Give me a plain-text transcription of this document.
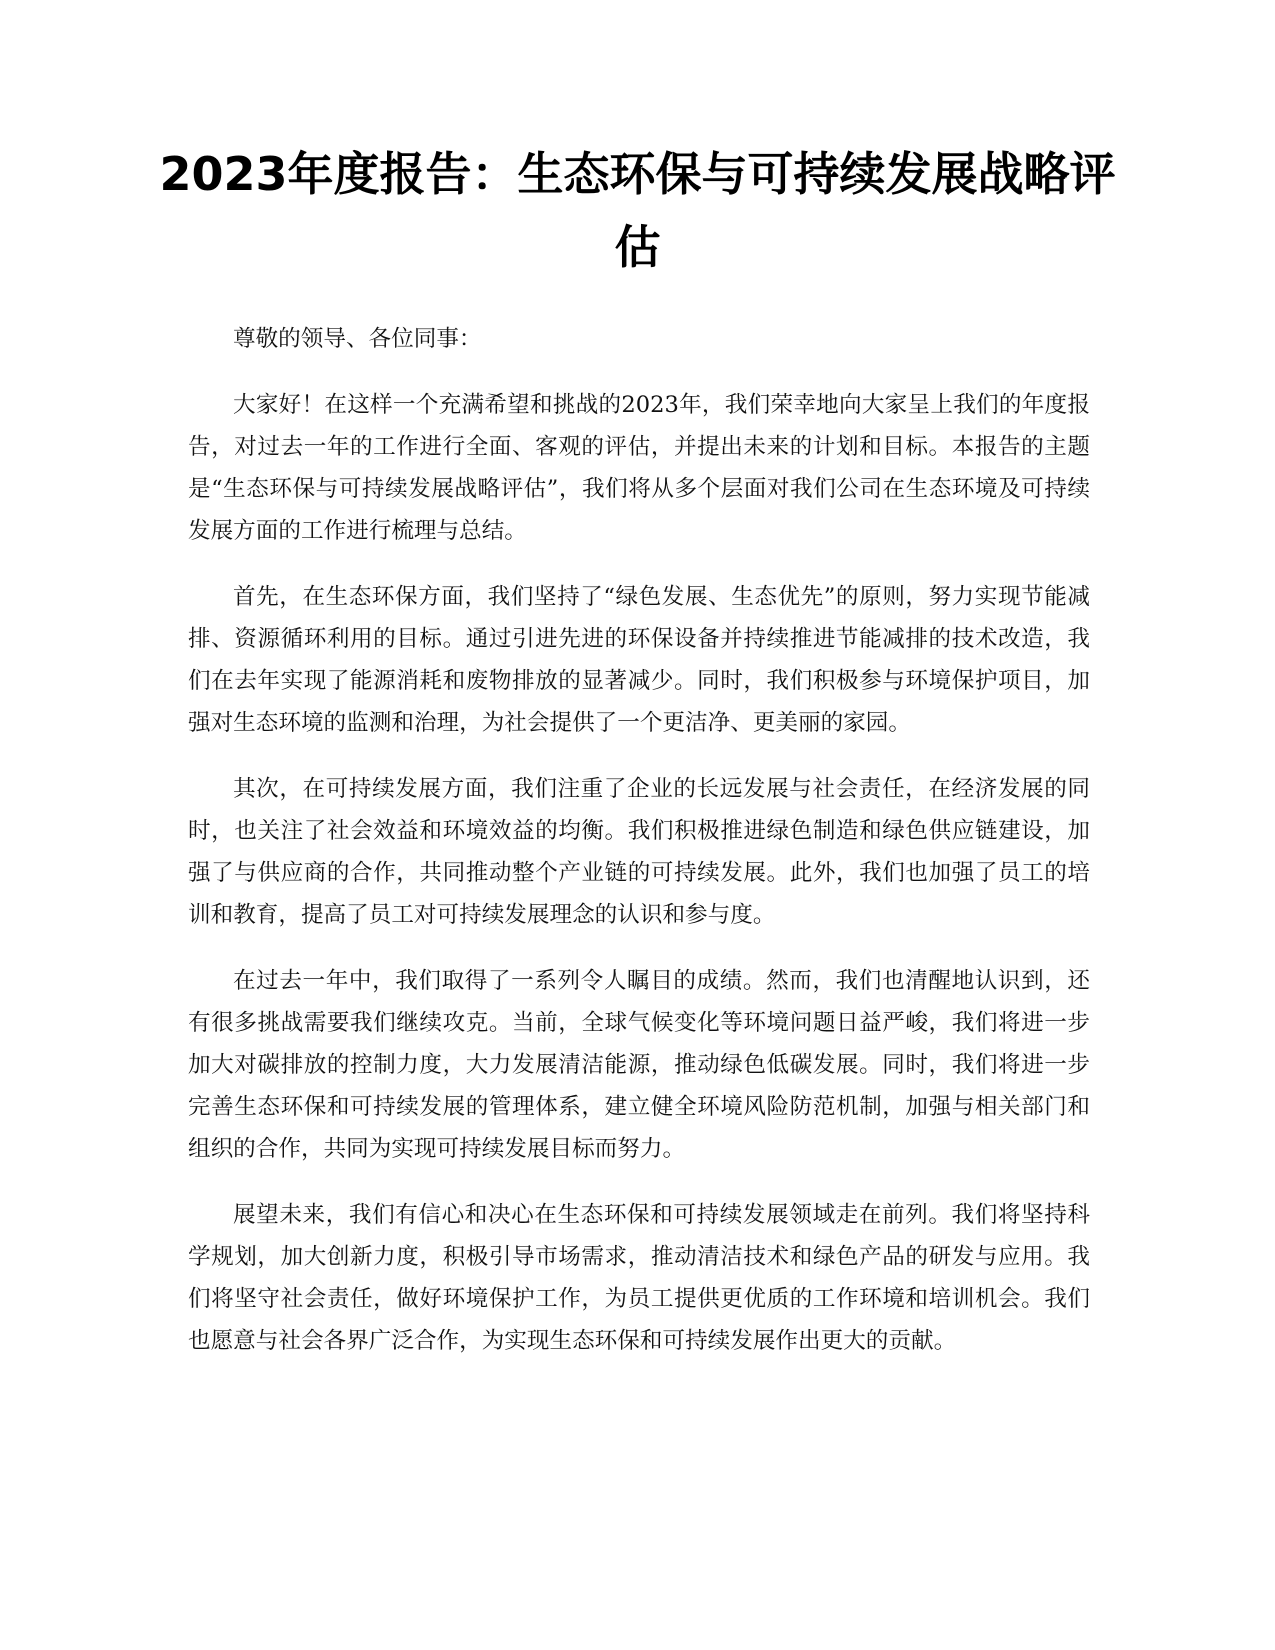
2023年度报告：生态环保与可持续发展战略评估

尊敬的领导、各位同事：

大家好！在这样一个充满希望和挑战的2023年，我们荣幸地向大家呈上我们的年度报告，对过去一年的工作进行全面、客观的评估，并提出未来的计划和目标。本报告的主题是“生态环保与可持续发展战略评估”，我们将从多个层面对我们公司在生态环境及可持续发展方面的工作进行梳理与总结。

首先，在生态环保方面，我们坚持了“绿色发展、生态优先”的原则，努力实现节能减排、资源循环利用的目标。通过引进先进的环保设备并持续推进节能减排的技术改造，我们在去年实现了能源消耗和废物排放的显著减少。同时，我们积极参与环境保护项目，加强对生态环境的监测和治理，为社会提供了一个更洁净、更美丽的家园。

其次，在可持续发展方面，我们注重了企业的长远发展与社会责任，在经济发展的同时，也关注了社会效益和环境效益的均衡。我们积极推进绿色制造和绿色供应链建设，加强了与供应商的合作，共同推动整个产业链的可持续发展。此外，我们也加强了员工的培训和教育，提高了员工对可持续发展理念的认识和参与度。

在过去一年中，我们取得了一系列令人瞩目的成绩。然而，我们也清醒地认识到，还有很多挑战需要我们继续攻克。当前，全球气候变化等环境问题日益严峻，我们将进一步加大对碳排放的控制力度，大力发展清洁能源，推动绿色低碳发展。同时，我们将进一步完善生态环保和可持续发展的管理体系，建立健全环境风险防范机制，加强与相关部门和组织的合作，共同为实现可持续发展目标而努力。

展望未来，我们有信心和决心在生态环保和可持续发展领域走在前列。我们将坚持科学规划，加大创新力度，积极引导市场需求，推动清洁技术和绿色产品的研发与应用。我们将坚守社会责任，做好环境保护工作，为员工提供更优质的工作环境和培训机会。我们也愿意与社会各界广泛合作，为实现生态环保和可持续发展作出更大的贡献。
